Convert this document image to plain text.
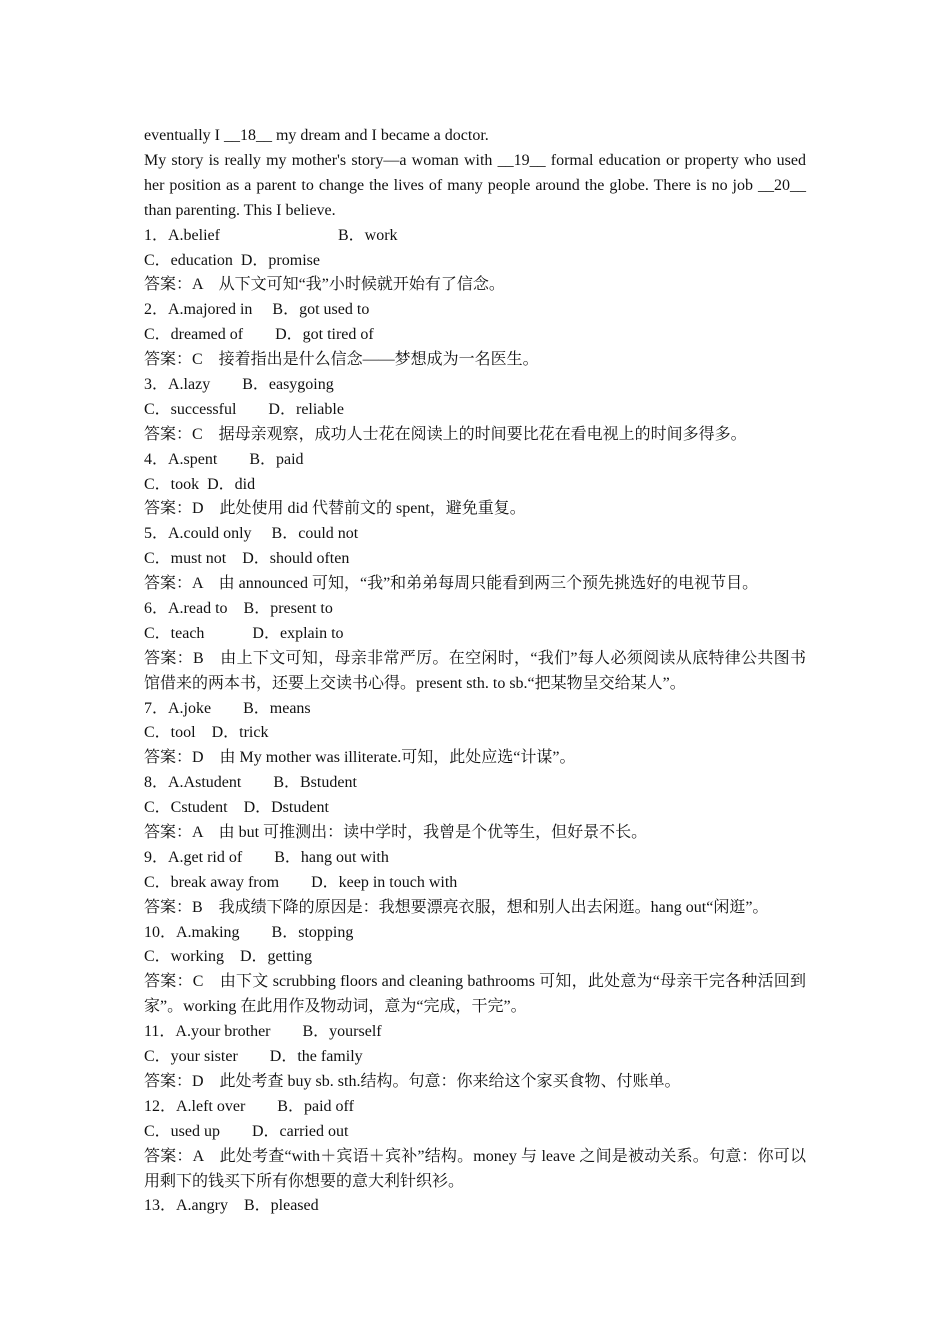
eventually I __18__ my dream and I became a doctor.
My story is really my mother's story—a woman with __19__ formal education or property who used her position as a parent to change the lives of many people around the globe. There is no job __20__ than parenting. This I believe.
1．A.belief	B．work
C．education  D．promise
答案：A　从下文可知“我”小时候就开始有了信念。
2．A.majored in　 B．got used to
C．dreamed of　　D．got tired of
答案：C　接着指出是什么信念——梦想成为一名医生。
3．A.lazy　　B．easygoing
C．successful　　D．reliable
答案：C　据母亲观察，成功人士花在阅读上的时间要比花在看电视上的时间多得多。
4．A.spent　　B．paid
C．took  D．did
答案：D　此处使用 did 代替前文的 spent，避免重复。
5．A.could only　 B．could not
C．must not　D．should often
答案：A　由 announced 可知，“我”和弟弟每周只能看到两三个预先挑选好的电视节目。
6．A.read to　B．present to
C．teach　　　D．explain to
答案：B　由上下文可知，母亲非常严厉。在空闲时，“我们”每人必须阅读从底特律公共图书馆借来的两本书，还要上交读书心得。present sth. to sb.“把某物呈交给某人”。
7．A.joke　　B．means
C．tool　D．trick
答案：D　由 My mother was illiterate.可知，此处应选“计谋”。
8．A.Astudent　　B．Bstudent
C．Cstudent　D．Dstudent
答案：A　由 but 可推测出：读中学时，我曾是个优等生，但好景不长。
9．A.get rid of　　B．hang out with
C．break away from　　D．keep in touch with
答案：B　我成绩下降的原因是：我想要漂亮衣服，想和别人出去闲逛。hang out“闲逛”。
10．A.making　　B．stopping
C．working　D．getting
答案：C　由下文 scrubbing floors and cleaning bathrooms 可知，此处意为“母亲干完各种活回到家”。working 在此用作及物动词，意为“完成，干完”。
11．A.your brother　　B．yourself
C．your sister　　D．the family
答案：D　此处考查 buy sb. sth.结构。句意：你来给这个家买食物、付账单。
12．A.left over　　B．paid off
C．used up　　D．carried out
答案：A　此处考查“with＋宾语＋宾补”结构。money 与 leave 之间是被动关系。句意：你可以用剩下的钱买下所有你想要的意大利针织衫。
13．A.angry　B．pleased
